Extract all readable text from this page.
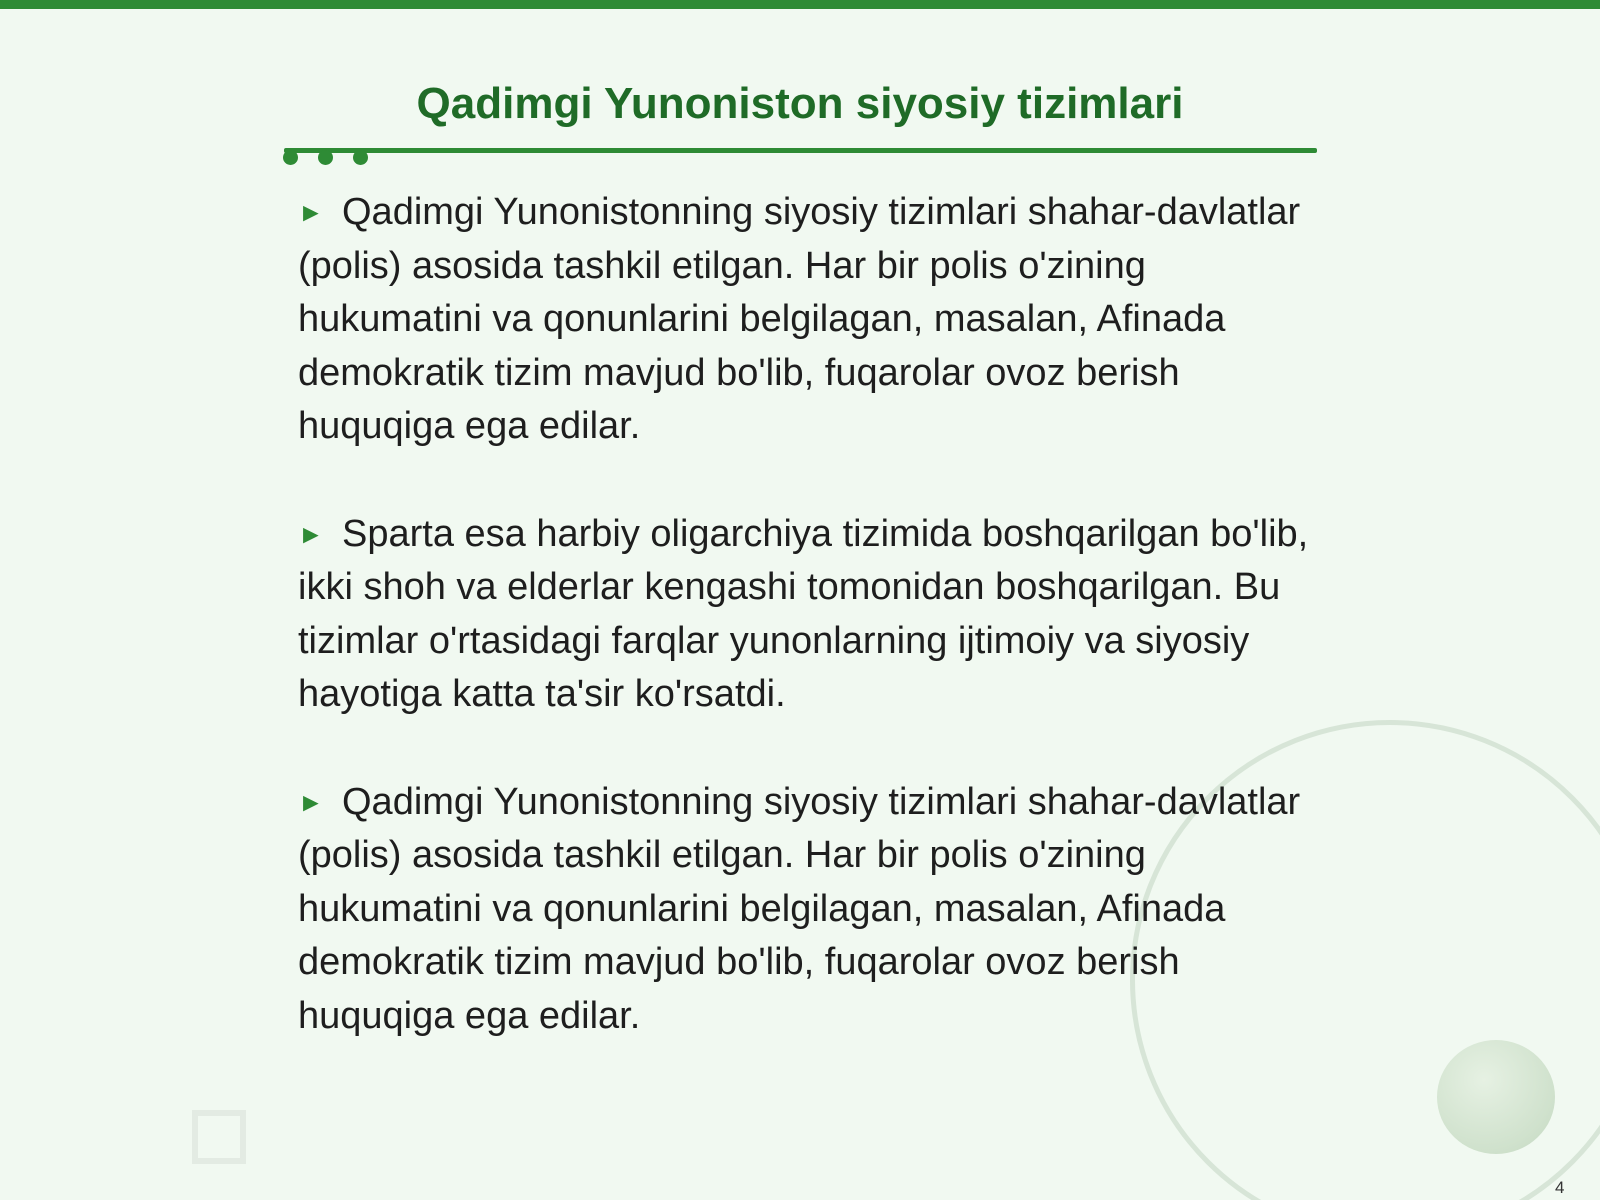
Qadimgi Yunoniston siyosiy tizimlari

► Qadimgi Yunonistonning siyosiy tizimlari shahar-davlatlar (polis) asosida tashkil etilgan. Har bir polis o'zining hukumatini va qonunlarini belgilagan, masalan, Afinada demokratik tizim mavjud bo'lib, fuqarolar ovoz berish huquqiga ega edilar.

► Sparta esa harbiy oligarchiya tizimida boshqarilgan bo'lib, ikki shoh va elderlar kengashi tomonidan boshqarilgan. Bu tizimlar o'rtasidagi farqlar yunonlarning ijtimoiy va siyosiy hayotiga katta ta'sir ko'rsatdi.

► Qadimgi Yunonistonning siyosiy tizimlari shahar-davlatlar (polis) asosida tashkil etilgan. Har bir polis o'zining hukumatini va qonunlarini belgilagan, masalan, Afinada demokratik tizim mavjud bo'lib, fuqarolar ovoz berish huquqiga ega edilar.

4
